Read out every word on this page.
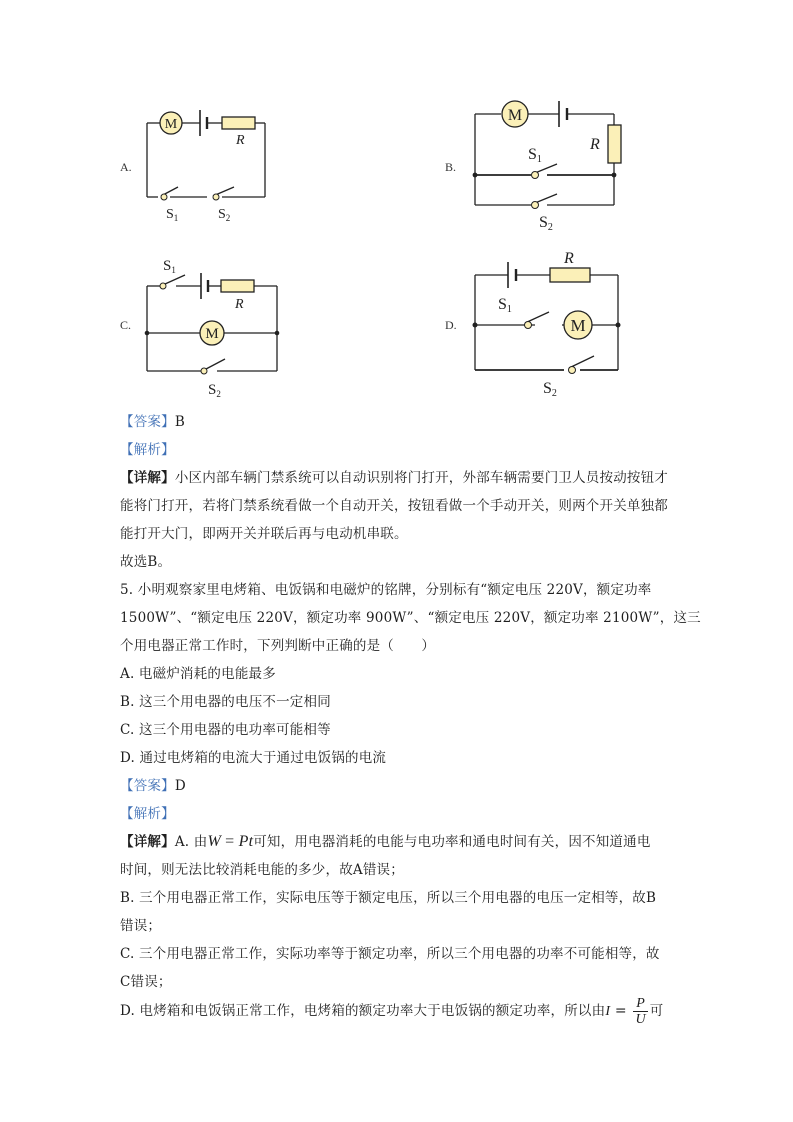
A.
M
R
$S_1$	$S_2$
B.
M
R
S1
S2
C.
R
M
$S_1$
$S_2$
D.
R
M
S1
S2
【答案】B
【解析】
【详解】小区内部车辆门禁系统可以自动识别将门打开，外部车辆需要门卫人员按动按钮才
能将门打开，若将门禁系统看做一个自动开关，按钮看做一个手动开关，则两个开关单独都
能打开大门，即两开关并联后再与电动机串联。
故选B。
5. 小明观察家里电烤箱、电饭锅和电磁炉的铭牌，分别标有“额定电压 220V，额定功率
1500W”、“额定电压 220V，额定功率 900W”、“额定电压 220V，额定功率 2100W”，这三
个用电器正常工作时，下列判断中正确的是（　　）
A. 电磁炉消耗的电能最多
B. 这三个用电器的电压不一定相同
C. 这三个用电器的电功率可能相等
D. 通过电烤箱的电流大于通过电饭锅的电流
【答案】D
【解析】
【详解】A. 由W = Pt可知，用电器消耗的电能与电功率和通电时间有关，因不知道通电
时间，则无法比较消耗电能的多少，故A错误；
B. 三个用电器正常工作，实际电压等于额定电压，所以三个用电器的电压一定相等，故B
错误；
C. 三个用电器正常工作，实际功率等于额定功率，所以三个用电器的功率不可能相等，故
C错误；
D. 电烤箱和电饭锅正常工作，电烤箱的额定功率大于电饭锅的额定功率，所以由$I = \frac{P}{U}$ 可
